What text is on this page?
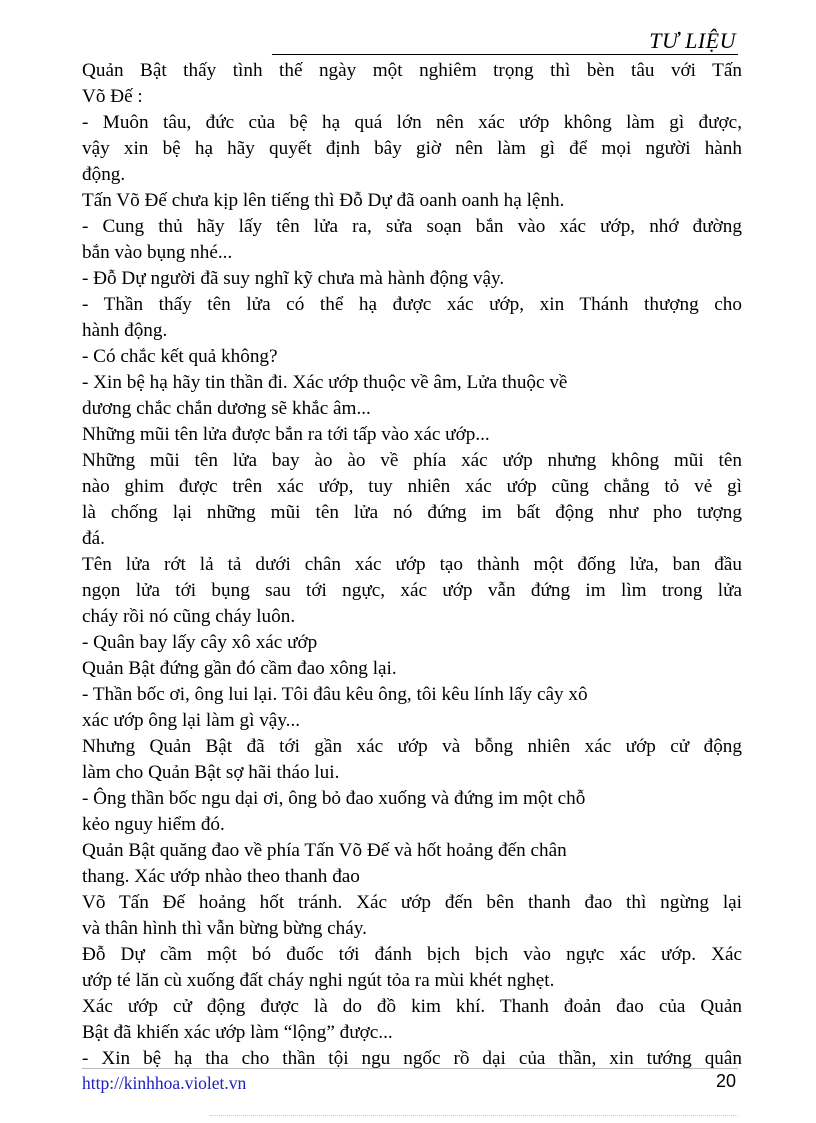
TƯ LIỆU
Quản Bật thấy tình thế ngày một nghiêm trọng thì bèn tâu với Tấn
Võ Đế :
- Muôn tâu, đức của bệ hạ quá lớn nên xác ướp không làm gì được,
vậy xin bệ hạ hãy quyết định bây giờ nên làm gì để mọi người hành
động.
Tấn Võ Đế chưa kịp lên tiếng thì Đỗ Dự đã oanh oanh hạ lệnh.
- Cung thủ hãy lấy tên lửa ra, sửa soạn bắn vào xác ướp, nhớ đường
bắn vào bụng nhé...
- Đỗ Dự người đã suy nghĩ kỹ chưa mà hành động vậy.
- Thần thấy tên lửa có thể hạ được xác ướp, xin Thánh thượng cho
hành động.
- Có chắc kết quả không?
- Xin bệ hạ hãy tin thần đi. Xác ướp thuộc về âm, Lửa thuộc về
dương chắc chắn dương sẽ khắc âm...
Những mũi tên lửa được bắn ra tới tấp vào xác ướp...
Những mũi tên lửa bay ào ào về phía xác ướp nhưng không mũi tên
nào ghim được trên xác ướp, tuy nhiên xác ướp cũng chẳng tỏ vẻ gì
là chống lại những mũi tên lửa nó đứng im bất động như pho tượng
đá.
Tên lửa rớt lả tả dưới chân xác ướp tạo thành một đống lửa, ban đầu
ngọn lửa tới bụng sau tới ngực, xác ướp vẫn đứng im lìm trong lửa
cháy rồi nó cũng cháy luôn.
- Quân bay lấy cây xô xác ướp
Quản Bật đứng gần đó cầm đao xông lại.
- Thần bốc ơi, ông lui lại. Tôi đâu kêu ông, tôi kêu lính lấy cây xô
xác ướp ông lại làm gì vậy...
Nhưng Quản Bật đã tới gần xác ướp và bỗng nhiên xác ướp cử động
làm cho Quản Bật sợ hãi tháo lui.
- Ông thần bốc ngu dại ơi, ông bỏ đao xuống và đứng im một chỗ
kẻo nguy hiểm đó.
Quản Bật quăng đao về phía Tấn Võ Đế và hốt hoảng đến chân
thang. Xác ướp nhào theo thanh đao
Võ Tấn Đế hoảng hốt tránh. Xác ướp đến bên thanh đao thì ngừng lại
và thân hình thì vẫn bừng bừng cháy.
Đỗ Dự cầm một bó đuốc tới đánh bịch bịch vào ngực xác ướp. Xác
ướp té lăn cù xuống đất cháy nghi ngút tỏa ra mùi khét nghẹt.
Xác ướp cử động được là do đồ kim khí. Thanh đoản đao của Quản
Bật đã khiến xác ướp làm “lộng” được...
- Xin bệ hạ tha cho thần tội ngu ngốc rồ dại của thần, xin tướng quân
http://kinhhoa.violet.vn	20
